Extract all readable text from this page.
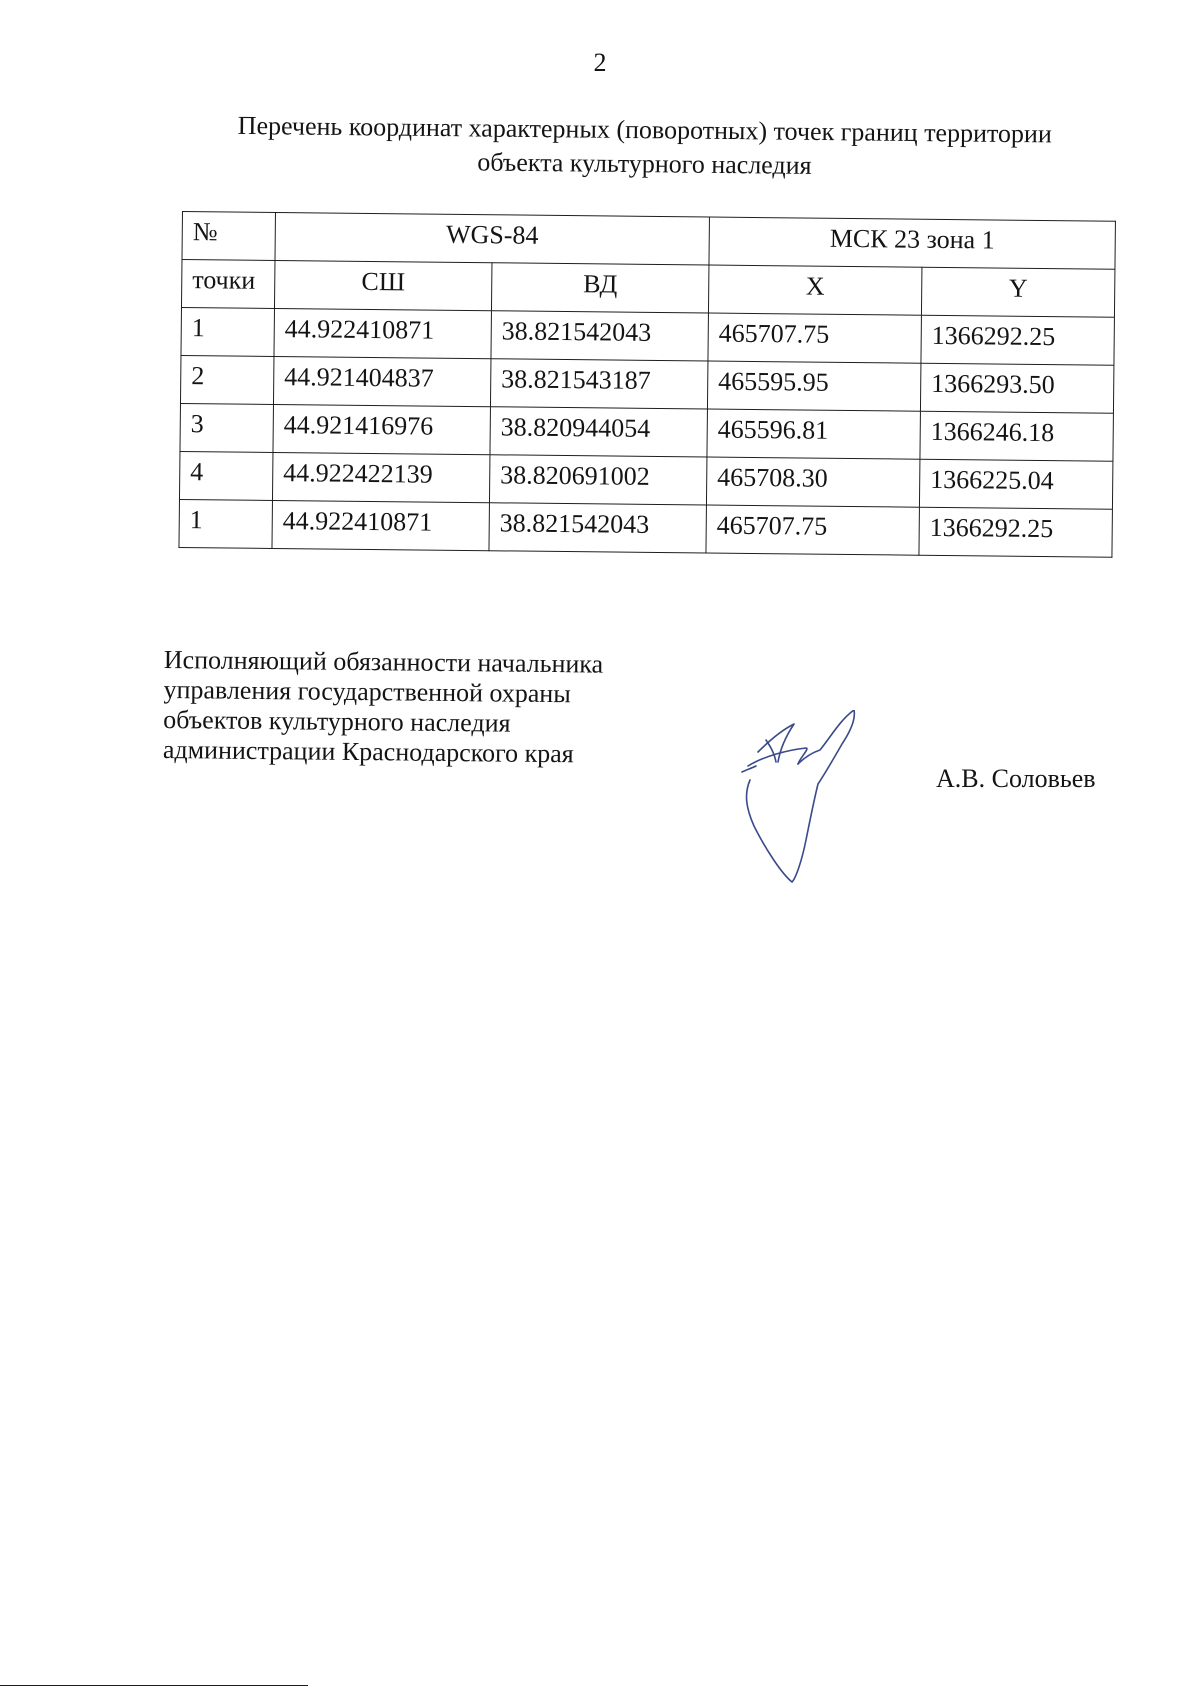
2
Перечень координат характерных (поворотных) точек границ территории
объекта культурного наследия
№	WGS-84		МСК 23 зона 1	
точки	СШ	ВД	X	Y
1	44.922410871	38.821542043	465707.75	1366292.25
2	44.921404837	38.821543187	465595.95	1366293.50
3	44.921416976	38.820944054	465596.81	1366246.18
4	44.922422139	38.820691002	465708.30	1366225.04
1	44.922410871	38.821542043	465707.75	1366292.25
Исполняющий обязанности начальника
управления государственной охраны
объектов культурного наследия
администрации Краснодарского края
А.В. Соловьев
